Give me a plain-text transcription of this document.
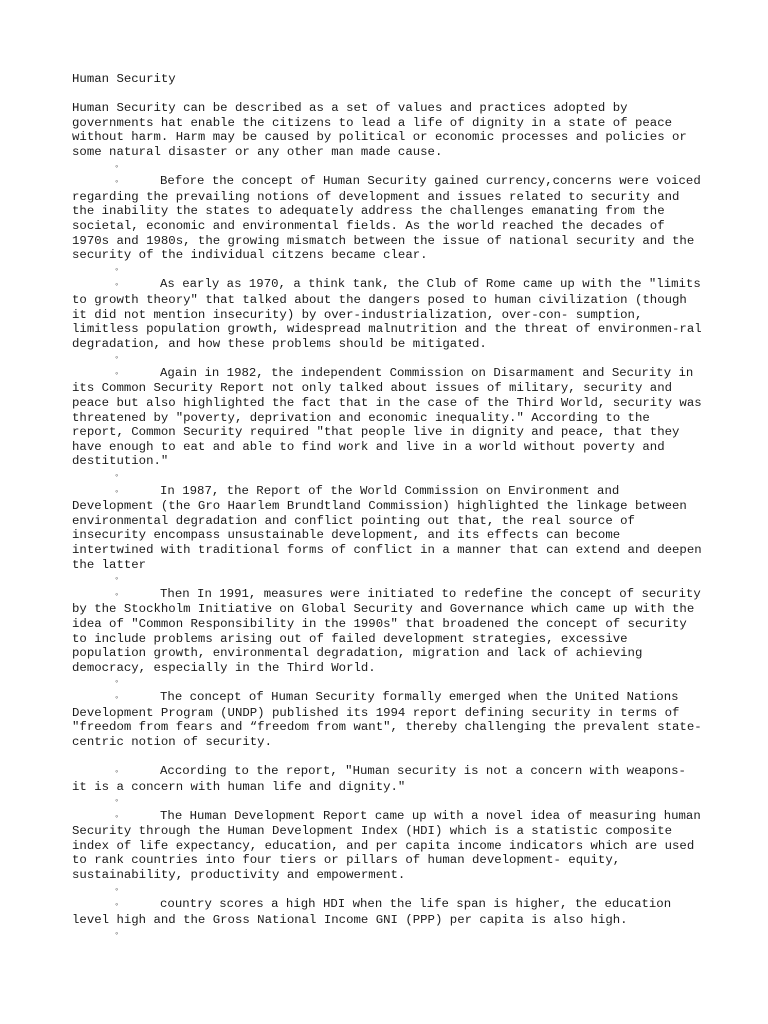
Human Security

Human Security can be described as a set of values and practices adopted by governments hat enable the citizens to lead a life of dignity in a state of peace without harm. Harm may be caused by political or economic processes and policies or some natural disaster or any other man made cause.

◦

◦	Before the concept of Human Security gained currency,concerns were voiced regarding the prevailing notions of development and issues related to security and the inability the states to adequately address the challenges emanating from the societal, economic and environmental fields. As the world reached the decades of 1970s and 1980s, the growing mismatch between the issue of national security and the security of the individual citzens became clear.

◦

◦	As early as 1970, a think tank, the Club of Rome came up with the "limits to growth theory" that talked about the dangers posed to human civilization (though it did not mention insecurity) by over-industrialization, over-con- sumption, limitless population growth, widespread malnutrition and the threat of environmen-ral degradation, and how these problems should be mitigated.

◦

◦	Again in 1982, the independent Commission on Disarmament and Security in its Common Security Report not only talked about issues of military, security and peace but also highlighted the fact that in the case of the Third World, security was threatened by "poverty, deprivation and economic inequality." According to the report, Common Security required "that people live in dignity and peace, that they have enough to eat and able to find work and live in a world without poverty and destitution."

◦

◦	In 1987, the Report of the World Commission on Environment and Development (the Gro Haarlem Brundtland Commission) highlighted the linkage between environmental degradation and conflict pointing out that, the real source of insecurity encompass unsustainable development, and its effects can become intertwined with traditional forms of conflict in a manner that can extend and deepen the latter

◦

◦	Then In 1991, measures were initiated to redefine the concept of security by the Stockholm Initiative on Global Security and Governance which came up with the idea of "Common Responsibility in the 1990s" that broadened the concept of security to include problems arising out of failed development strategies, excessive population growth, environmental degradation, migration and lack of achieving democracy, especially in the Third World.

◦

◦	The concept of Human Security formally emerged when the United Nations Development Program (UNDP) published its 1994 report defining security in terms of "freedom from fears and “freedom from want", thereby challenging the prevalent state-centric notion of security.

◦	According to the report, "Human security is not a concern with weapons- it is a concern with human life and dignity."

◦

◦	The Human Development Report came up with a novel idea of measuring human Security through the Human Development Index (HDI) which is a statistic composite index of life expectancy, education, and per capita income indicators which are used to rank countries into four tiers or pillars of human development- equity, sustainability, productivity and empowerment.

◦

◦	country scores a high HDI when the life span is higher, the education level high and the Gross National Income GNI (PPP) per capita is also high.

◦
